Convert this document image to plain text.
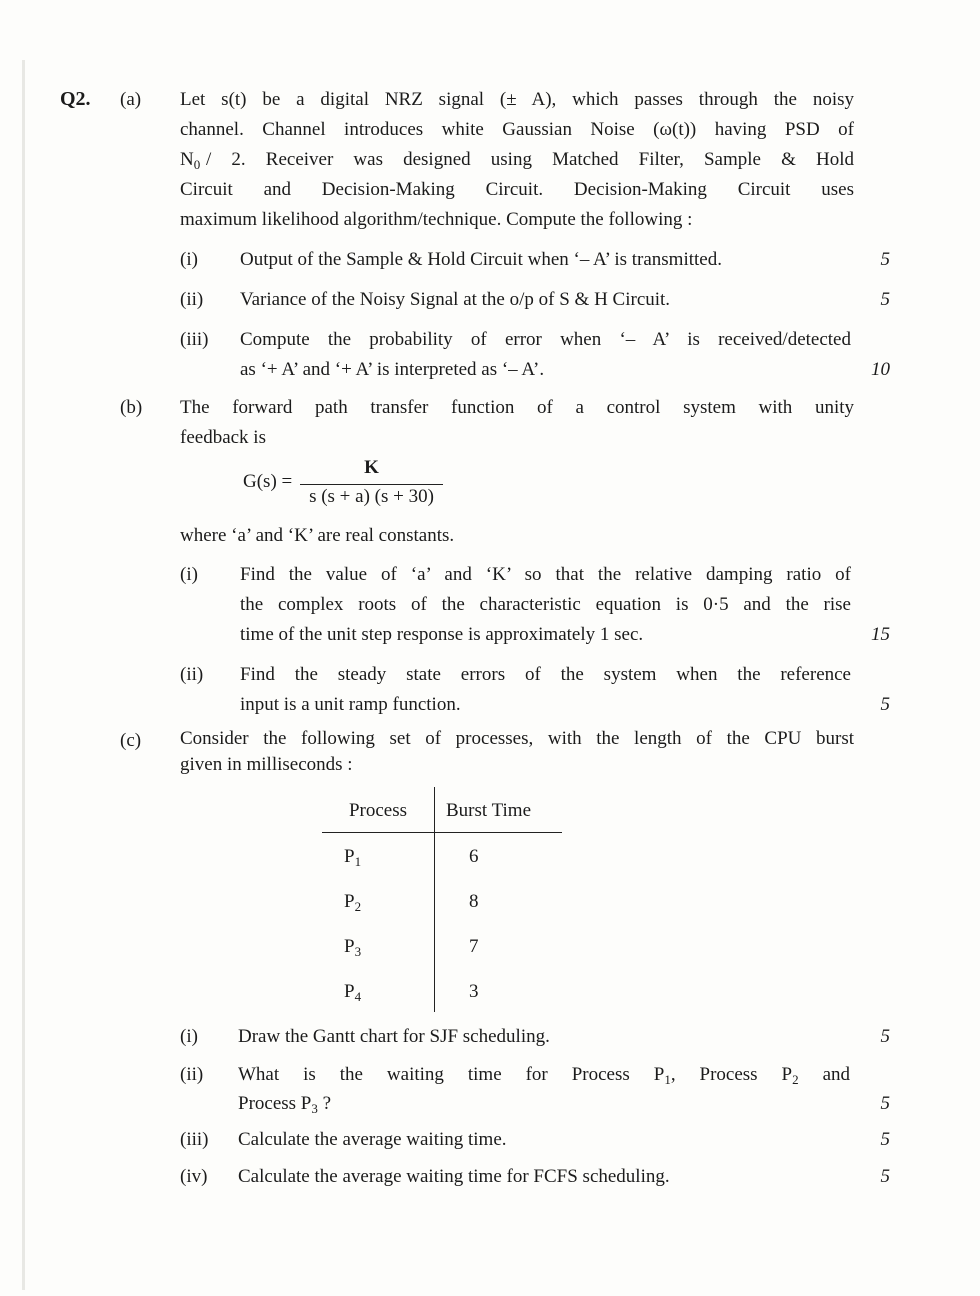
Q2. (a) Let s(t) be a digital NRZ signal (± A), which passes through the noisy
channel. Channel introduces white Gaussian Noise (ω(t)) having PSD of
$N_0 / 2$. Receiver was designed using Matched Filter, Sample & Hold
Circuit and Decision-Making Circuit. Decision-Making Circuit uses
maximum likelihood algorithm/technique. Compute the following :
(i) Output of the Sample & Hold Circuit when ‘– A’ is transmitted.	5
(ii) Variance of the Noisy Signal at the o/p of S & H Circuit.	5
(iii) Compute the probability of error when ‘– A’ is received/detected
as ‘+ A’ and ‘+ A’ is interpreted as ‘– A’.	10
(b) The forward path transfer function of a control system with unity
feedback is
G(s) =
K
s (s + a) (s + 30)
where ‘a’ and ‘K’ are real constants.
(i) Find the value of ‘a’ and ‘K’ so that the relative damping ratio of
the complex roots of the characteristic equation is 0·5 and the rise
time of the unit step response is approximately 1 sec.	15
(ii) Find the steady state errors of the system when the reference
input is a unit ramp function.	5
(c) Consider the following set of processes, with the length of the CPU burst
given in milliseconds :
Process	Burst Time
$P_1$	6
$P_2$	8
$P_3$	7
$P_4$	3
(i) Draw the Gantt chart for SJF scheduling.	5
(ii) What is the waiting time for Process $P_1$, Process $P_2$ and
Process $P_3$ ?	5
(iii) Calculate the average waiting time.	5
(iv) Calculate the average waiting time for FCFS scheduling.	5
